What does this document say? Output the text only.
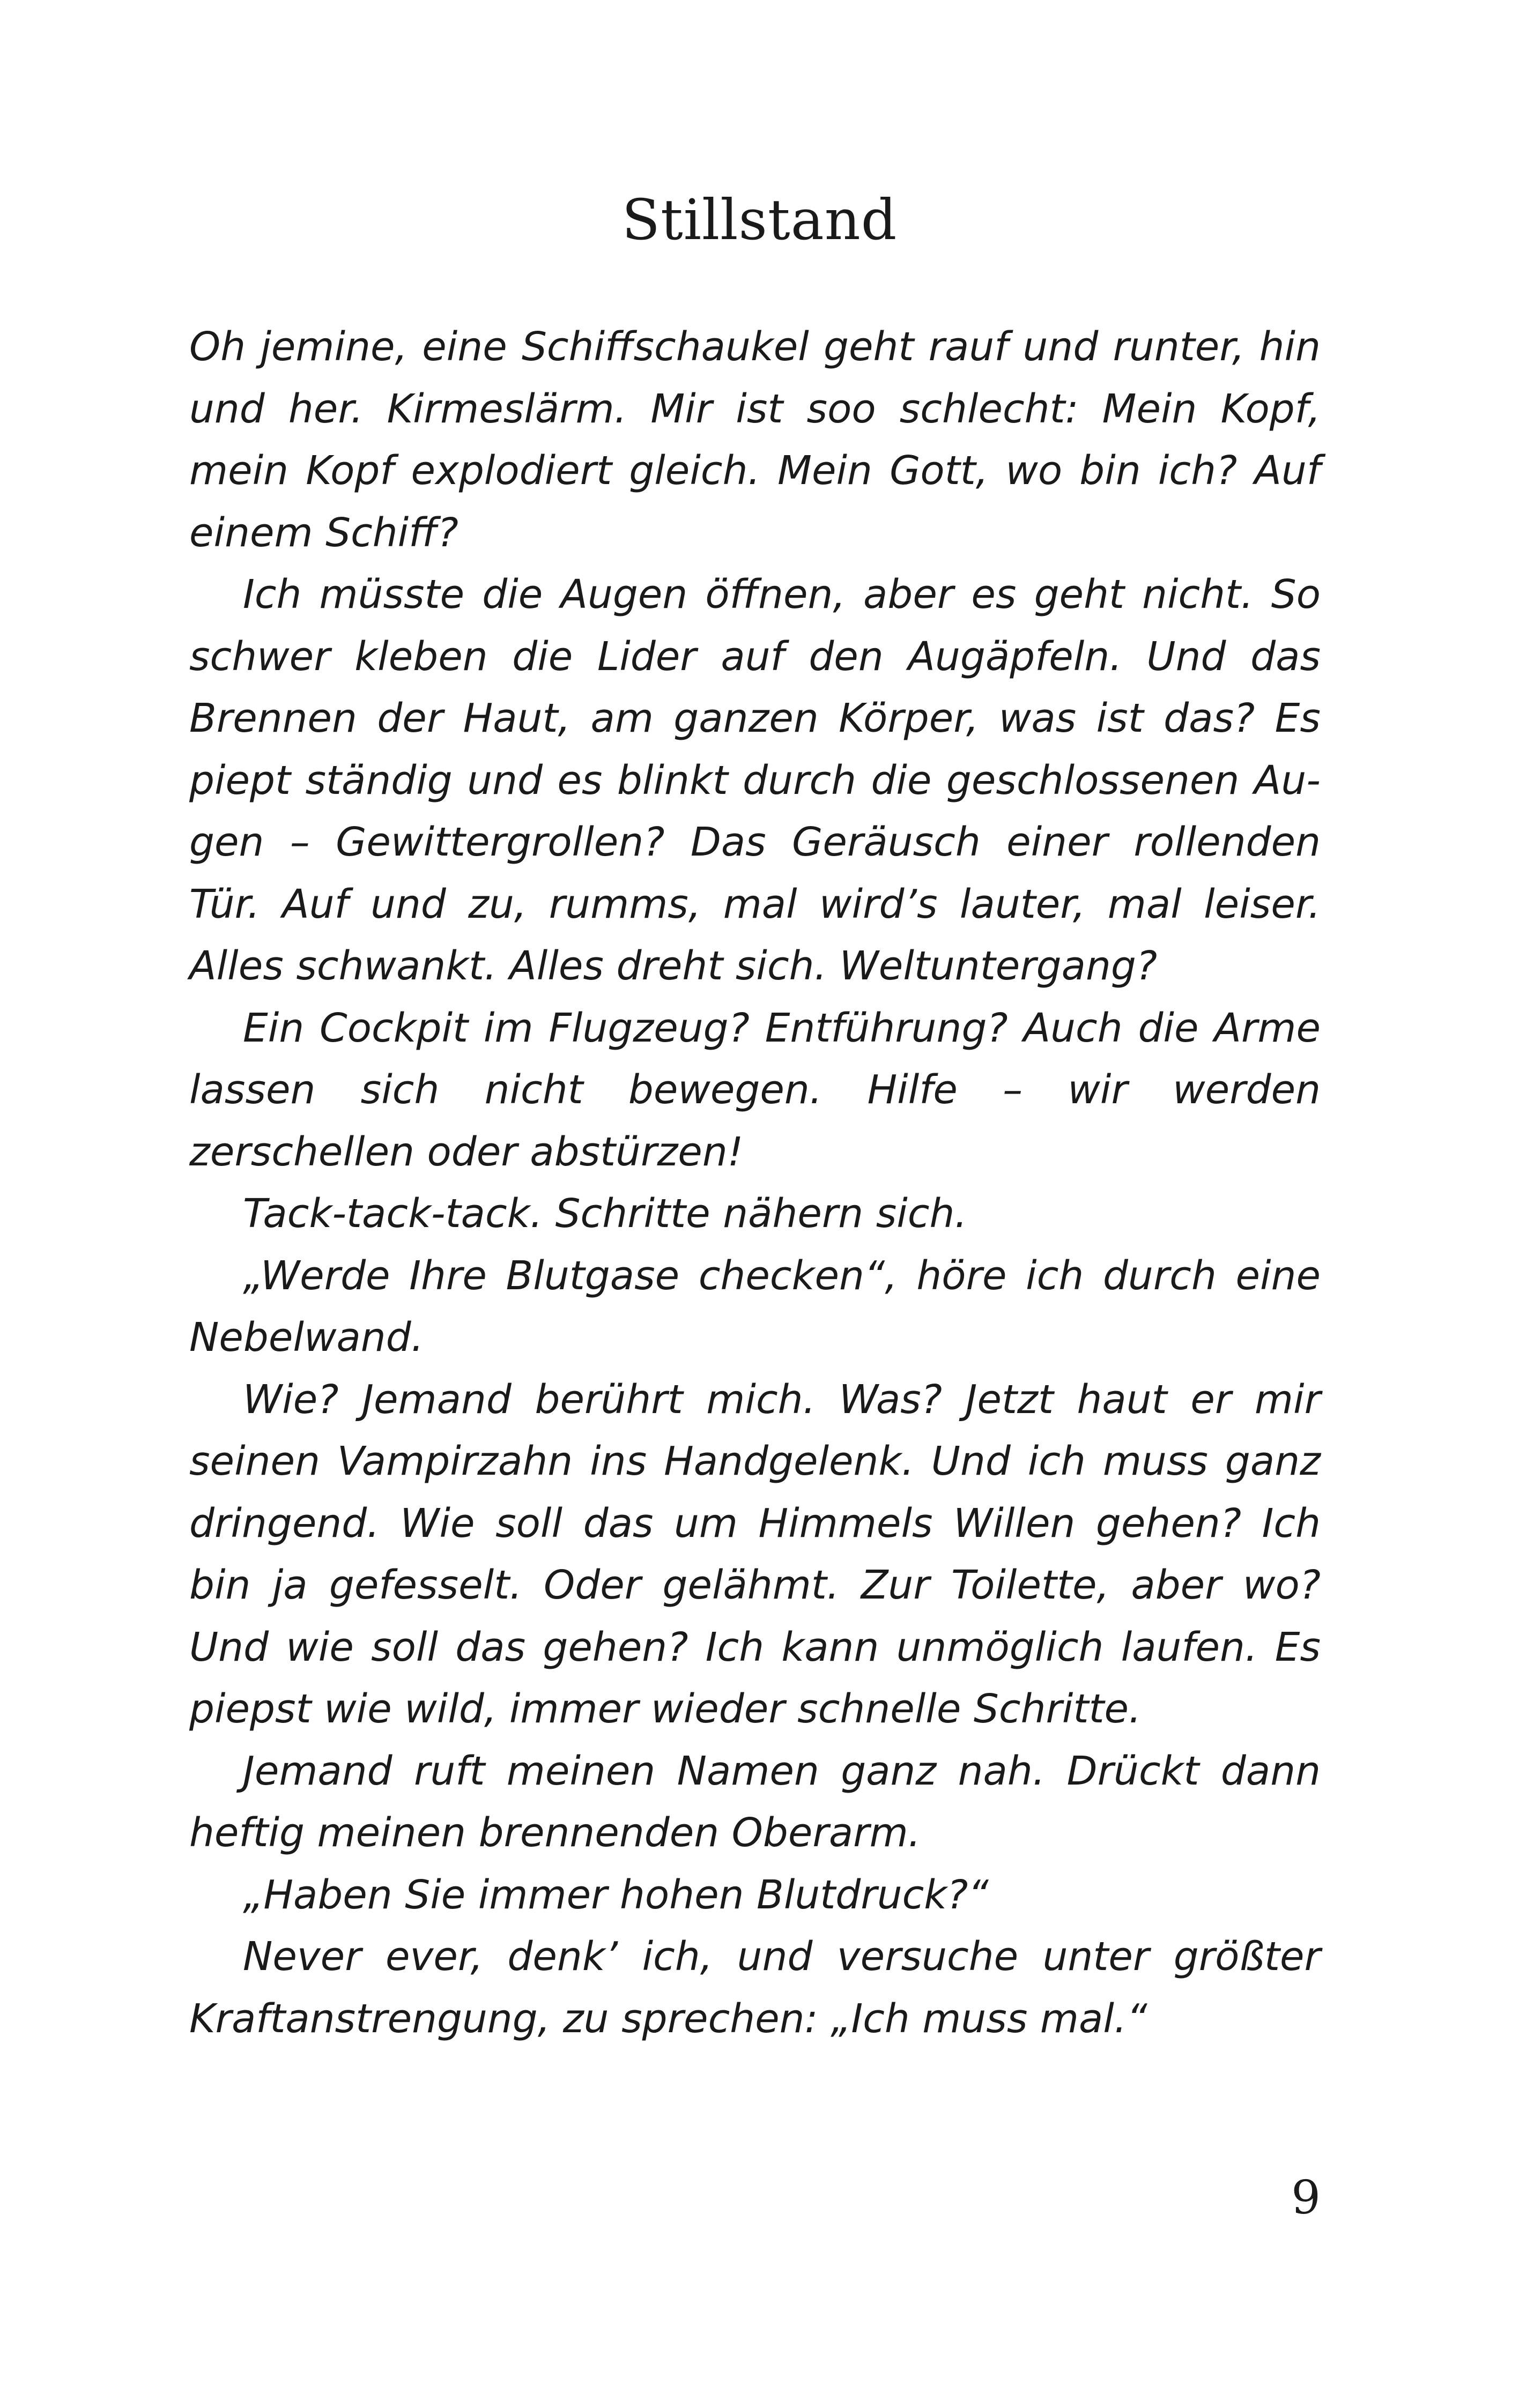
Stillstand

Oh jemine, eine Schiffschaukel geht rauf und runter, hin und her. Kirmeslärm. Mir ist soo schlecht: Mein Kopf, mein Kopf explodiert gleich. Mein Gott, wo bin ich? Auf einem Schiff?

Ich müsste die Augen öffnen, aber es geht nicht. So schwer kleben die Lider auf den Augäpfeln. Und das Brennen der Haut, am ganzen Körper, was ist das? Es piept ständig und es blinkt durch die geschlossenen Augen – Gewittergrollen? Das Geräusch einer rollenden Tür. Auf und zu, rumms, mal wird’s lauter, mal leiser. Alles schwankt. Alles dreht sich. Weltuntergang?

Ein Cockpit im Flugzeug? Entführung? Auch die Arme lassen sich nicht bewegen. Hilfe – wir werden zerschellen oder abstürzen!

Tack-tack-tack. Schritte nähern sich.

„Werde Ihre Blutgase checken“, höre ich durch eine Nebelwand.

Wie? Jemand berührt mich. Was? Jetzt haut er mir seinen Vampirzahn ins Handgelenk. Und ich muss ganz dringend. Wie soll das um Himmels Willen gehen? Ich bin ja gefesselt. Oder gelähmt. Zur Toilette, aber wo? Und wie soll das gehen? Ich kann unmöglich laufen. Es piepst wie wild, immer wieder schnelle Schritte.

Jemand ruft meinen Namen ganz nah. Drückt dann heftig meinen brennenden Oberarm.

„Haben Sie immer hohen Blutdruck?“

Never ever, denk’ ich, und versuche unter größter Kraftanstrengung, zu sprechen: „Ich muss mal.“

9
